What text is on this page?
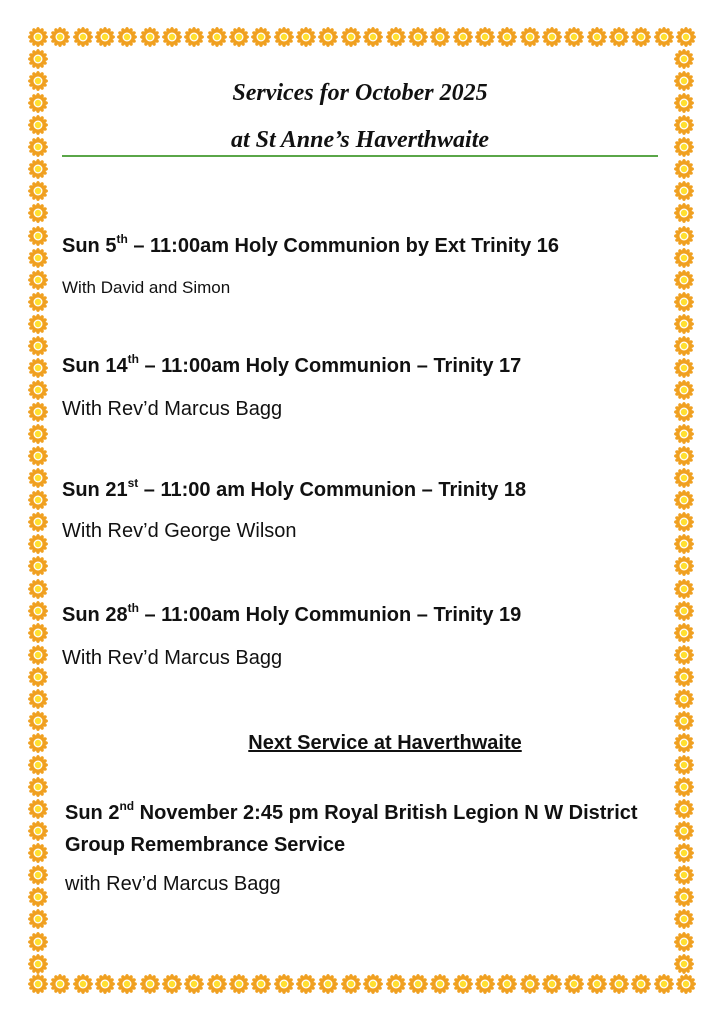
Services for October 2025
at St Anne’s Haverthwaite
Sun 5th – 11:00am Holy Communion by Ext Trinity 16
With David and Simon
Sun 14th – 11:00am Holy Communion – Trinity 17
With Rev’d Marcus Bagg
Sun 21st – 11:00 am Holy Communion – Trinity 18
With Rev’d George Wilson
Sun 28th – 11:00am Holy Communion – Trinity 19
With Rev’d Marcus Bagg
Next Service at Haverthwaite
Sun 2nd November 2:45 pm Royal British Legion N W District Group Remembrance Service
with Rev’d Marcus Bagg
